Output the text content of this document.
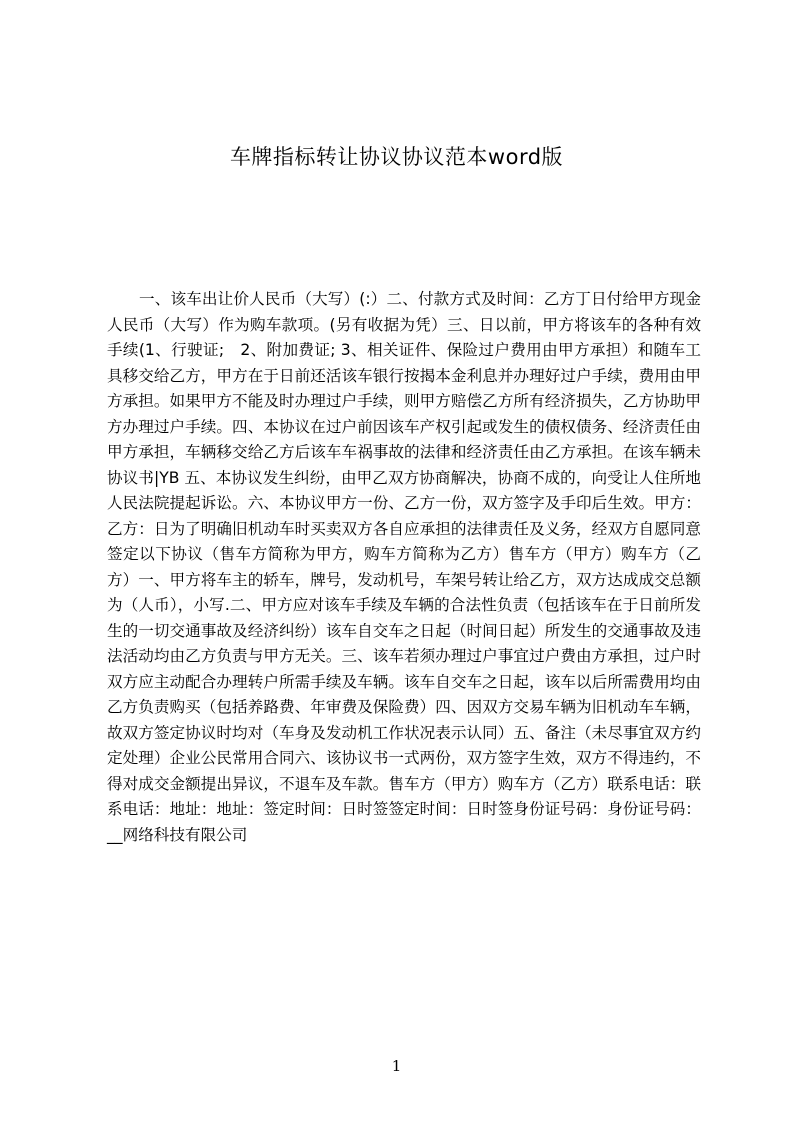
车牌指标转让协议协议范本word版
一、该车出让价人民币（大写）(:）二、付款方式及时间：乙方丁日付给甲方现金人民币（大写）作为购车款项。(另有收据为凭）三、日以前，甲方将该车的各种有效手续(1、行驶证;　2、附加费证; 3、相关证件、保险过户费用由甲方承担）和随车工具移交给乙方，甲方在于日前还活该车银行按揭本金利息并办理好过户手续，费用由甲方承担。如果甲方不能及时办理过户手续，则甲方赔偿乙方所有经济损失，乙方协助甲方办理过户手续。四、本协议在过户前因该车产权引起或发生的债权债务、经济责任由甲方承担，车辆移交给乙方后该车车祸事故的法律和经济责任由乙方承担。在该车辆未协议书|YB 五、本协议发生纠纷，由甲乙双方协商解决，协商不成的，向受让人住所地人民法院提起诉讼。六、本协议甲方一份、乙方一份，双方签字及手印后生效。甲方：乙方：日为了明确旧机动车时买卖双方各自应承担的法律责任及义务，经双方自愿同意签定以下协议（售车方简称为甲方，购车方简称为乙方）售车方（甲方）购车方（乙方）一、甲方将车主的轿车，牌号，发动机号，车架号转让给乙方，双方达成成交总额为（人币），小写.二、甲方应对该车手续及车辆的合法性负责（包括该车在于日前所发生的一切交通事故及经济纠纷）该车自交车之日起（时间日起）所发生的交通事故及违法活动均由乙方负责与甲方无关。三、该车若须办理过户事宜过户费由方承担，过户时双方应主动配合办理转户所需手续及车辆。该车自交车之日起，该车以后所需费用均由乙方负责购买（包括养路费、年审费及保险费）四、因双方交易车辆为旧机动车车辆，故双方签定协议时均对（车身及发动机工作状况表示认同）五、备注（未尽事宜双方约定处理）企业公民常用合同六、该协议书一式两份，双方签字生效，双方不得违约，不得对成交金额提出异议，不退车及车款。售车方（甲方）购车方（乙方）联系电话：联系电话：地址：地址：签定时间：日时签签定时间：日时签身份证号码：身份证号码：__网络科技有限公司
1
